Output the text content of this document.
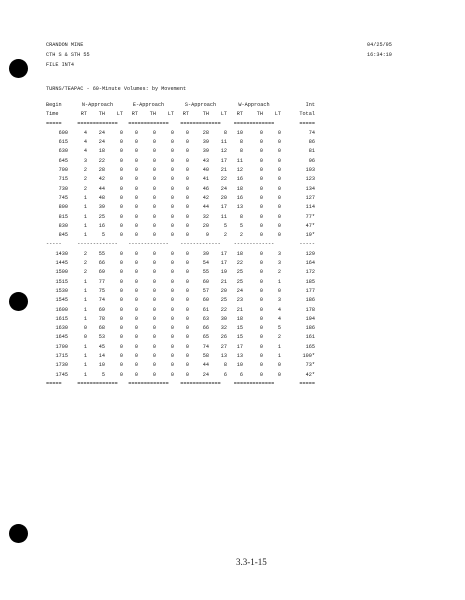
CRANDON MINE	04/25/95
CTH S & STH 55	16:34:10
FILE INT4
TURNS/TEAPAC - 60-Minute Volumes: by Movement
Begin	N-Approach			E-Approach			S-Approach			W-Approach			Int
Time	RT	TH	LT	RT	TH	LT	RT	TH	LT	RT	TH	LT	Total
=====	=============			=============			=============			=============			=====
600	4	24	0	0	0	0	0	28	8	10	0	0	74
615	4	24	0	0	0	0	0	39	11	8	0	0	86
630	4	18	0	0	0	0	0	39	12	8	0	0	81
645	3	22	0	0	0	0	0	43	17	11	0	0	96
700	2	28	0	0	0	0	0	40	21	12	0	0	103
715	2	42	0	0	0	0	0	41	22	16	0	0	123
730	2	44	0	0	0	0	0	46	24	18	0	0	134
745	1	48	0	0	0	0	0	42	20	16	0	0	127
800	1	39	0	0	0	0	0	44	17	13	0	0	114
815	1	25	0	0	0	0	0	32	11	8	0	0	77*
830	1	16	0	0	0	0	0	20	5	5	0	0	47*
845	1	5	0	0	0	0	0	9	2	2	0	0	19*
-----	-------------			-------------			-------------			-------------			-----
1430	2	55	0	0	0	0	0	39	17	18	0	3	129
1445	2	66	0	0	0	0	0	54	17	22	0	3	164
1500	2	69	0	0	0	0	0	55	19	25	0	2	172
1515	1	77	0	0	0	0	0	60	21	25	0	1	185
1530	1	75	0	0	0	0	0	57	20	24	0	0	177
1545	1	74	0	0	0	0	0	60	25	23	0	3	186
1600	1	69	0	0	0	0	0	61	22	21	0	4	178
1615	1	78	0	0	0	0	0	63	30	18	0	4	194
1630	0	68	0	0	0	0	0	66	32	15	0	5	186
1645	0	53	0	0	0	0	0	65	26	15	0	2	161
1700	1	45	0	0	0	0	0	74	27	17	0	1	165
1715	1	14	0	0	0	0	0	58	13	13	0	1	100*
1730	1	10	0	0	0	0	0	44	8	10	0	0	73*
1745	1	5	0	0	0	0	0	24	6	6	0	0	42*
=====	=============			=============			=============			=============			=====
3.3-1-15
